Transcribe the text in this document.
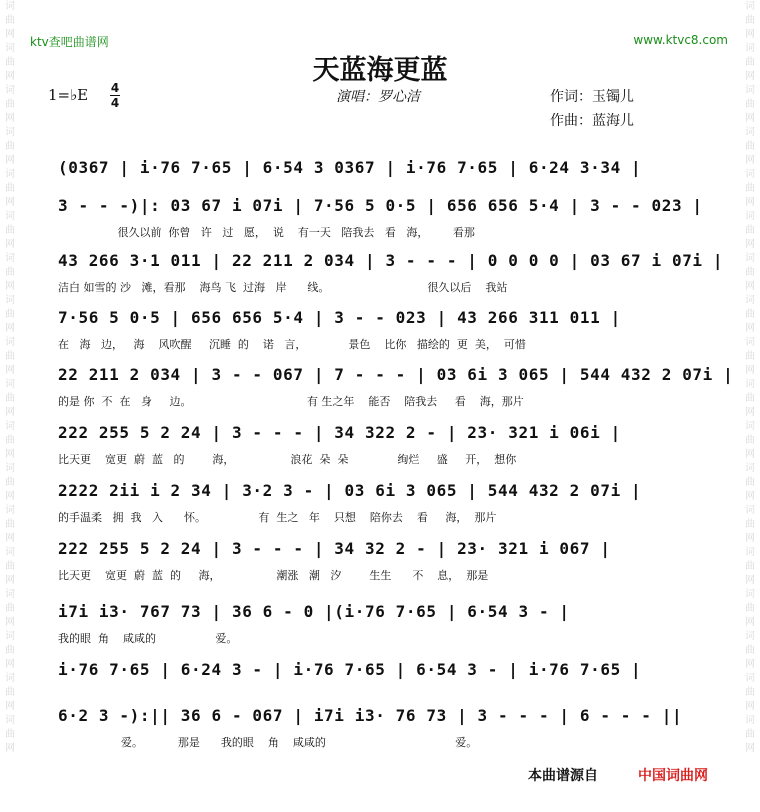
词曲网词曲网词曲网词曲网词曲网词曲网词曲网词曲网词曲网词曲网词曲网词曲网词曲网词曲网词曲网词曲网词曲网词曲网
词曲网词曲网词曲网词曲网词曲网词曲网词曲网词曲网词曲网词曲网词曲网词曲网词曲网词曲网词曲网词曲网词曲网词曲网
ktv查吧曲谱网	www.ktvc8.com
天蓝海更蓝
1=♭E 4
4	演唱：罗心洁	作词：玉镯儿
作曲：蓝海儿
(0367 | i·76 7·65 | 6·54 3 0367 | i·76 7·65 | 6·24 3·34 |
3 - - -)|: 03 67 i 07i | 7·56 5 0·5 | 656 656 5·4 | 3 - - 023 |
很久以前  你曾   许   过   愿，  说    有一天   陪我去   看   海，       看那
43 266 3·1 011 | 22 211 2 034 | 3 - - - | 0 0 0 0 | 03 67 i 07i |
洁白 如雪的 沙   滩，看那    海鸟 飞  过海   岸      线。                            很久以后    我站
7·56 5 0·5 | 656 656 5·4 | 3 - - 023 | 43 266 311 011 |
在   海   边，   海    风吹醒     沉睡  的    诺   言，            景色    比你   描绘的  更  美，  可惜
22 211 2 034 | 3 - - 067 | 7 - - - | 03 6i 3 065 | 544 432 2 07i |
的是 你  不  在   身     边。                                 有 生之年    能否    陪我去     看    海，那片
222 255 5 2 24 | 3 - - - | 34 322 2 - | 23· 321 i 06i |
比天更    宽更  蔚  蓝   的        海，                浪花  朵  朵              绚烂     盛     开，  想你
2222 2ii i 2 34 | 3·2 3 - | 03 6i 3 065 | 544 432 2 07i |
的手温柔   拥  我   入      怀。               有  生之   年    只想    陪你去    看     海，  那片
222 255 5 2 24 | 3 - - - | 34 32 2 - | 23· 321 i 067 |
比天更    宽更  蔚  蓝  的     海，                潮涨   潮   汐        生生      不    息，  那是
i7i i3· 767 73 | 36 6 - 0 |(i·76 7·65 | 6·54 3 - |
我的眼  角    咸咸的                 爱。
i·76 7·65 | 6·24 3 - | i·76 7·65 | 6·54 3 - | i·76 7·65 |
6·2 3 -):|| 36 6 - 067 | i7i i3· 76 73 | 3 - - - | 6 - - - ||
爱。          那是      我的眼    角    咸咸的                                     爱。
本曲谱源自	中国词曲网
